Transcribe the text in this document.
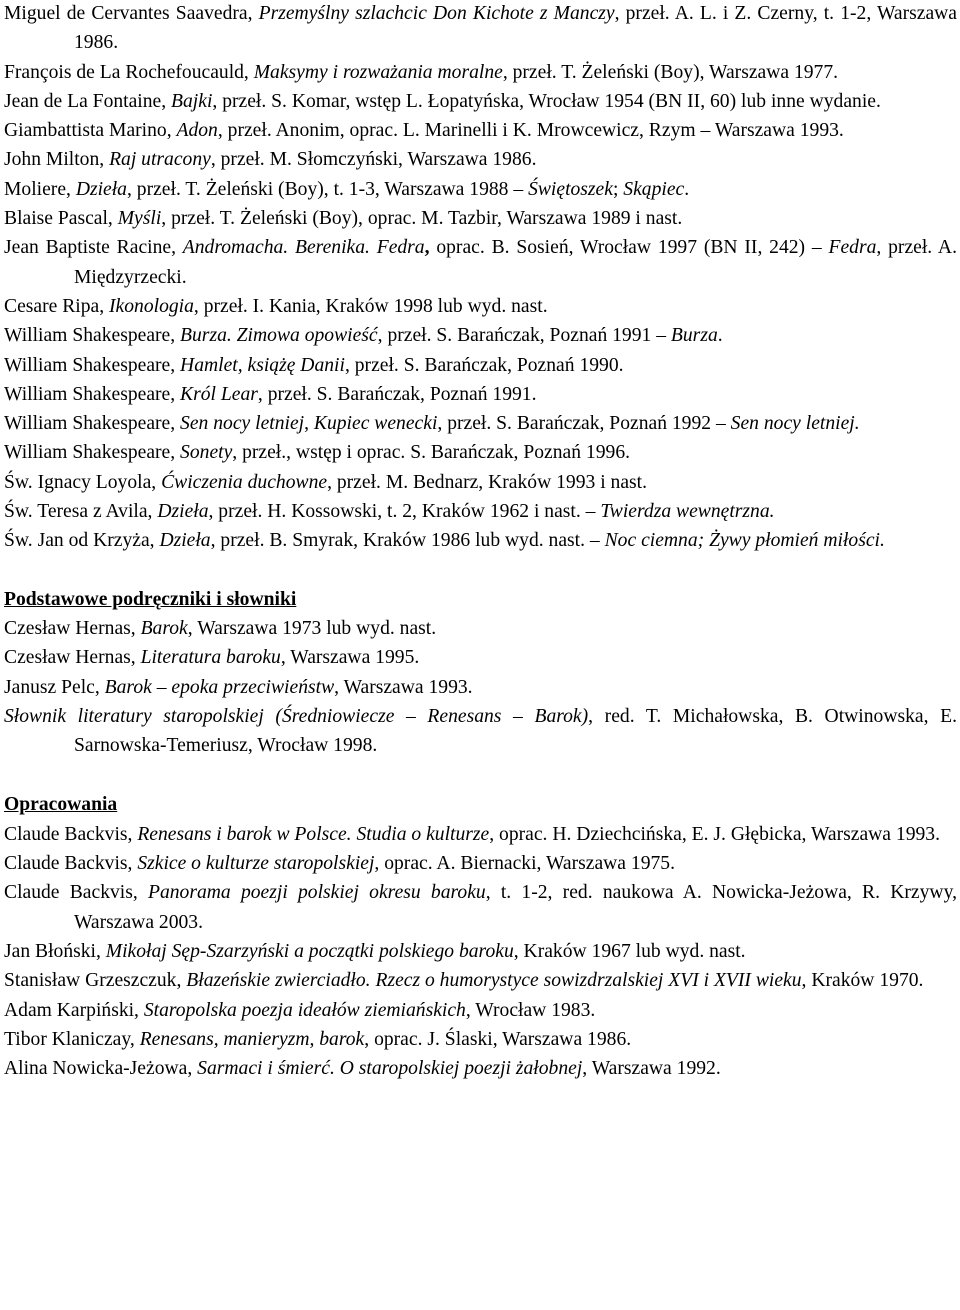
Miguel de Cervantes Saavedra, Przemyślny szlachcic Don Kichote z Manczy, przeł. A. L. i Z. Czerny, t. 1-2, Warszawa 1986.

François de La Rochefoucauld, Maksymy i rozważania moralne, przeł. T. Żeleński (Boy), Warszawa 1977.

Jean de La Fontaine, Bajki, przeł. S. Komar, wstęp L. Łopatyńska, Wrocław 1954 (BN II, 60) lub inne wydanie.

Giambattista Marino, Adon, przeł. Anonim, oprac. L. Marinelli i K. Mrowcewicz, Rzym – Warszawa 1993.

John Milton, Raj utracony, przeł. M. Słomczyński, Warszawa 1986.

Moliere, Dzieła, przeł. T. Żeleński (Boy), t. 1-3, Warszawa 1988 – Świętoszek; Skąpiec.

Blaise Pascal, Myśli, przeł. T. Żeleński (Boy), oprac. M. Tazbir, Warszawa 1989 i nast.

Jean Baptiste Racine, Andromacha. Berenika. Fedra, oprac. B. Sosień, Wrocław 1997 (BN II, 242) – Fedra, przeł. A. Międzyrzecki.

Cesare Ripa, Ikonologia, przeł. I. Kania, Kraków 1998 lub wyd. nast.

William Shakespeare, Burza. Zimowa opowieść, przeł. S. Barańczak, Poznań 1991 – Burza.

William Shakespeare, Hamlet, książę Danii, przeł. S. Barańczak, Poznań 1990.

William Shakespeare, Król Lear, przeł. S. Barańczak, Poznań 1991.

William Shakespeare, Sen nocy letniej, Kupiec wenecki, przeł. S. Barańczak, Poznań 1992 – Sen nocy letniej.

William Shakespeare, Sonety, przeł., wstęp i oprac. S. Barańczak, Poznań 1996.

Św. Ignacy Loyola, Ćwiczenia duchowne, przeł. M. Bednarz, Kraków 1993 i nast.

Św. Teresa z Avila, Dzieła, przeł. H. Kossowski, t. 2, Kraków 1962 i nast. – Twierdza wewnętrzna.

Św. Jan od Krzyża, Dzieła, przeł. B. Smyrak, Kraków 1986 lub wyd. nast. – Noc ciemna; Żywy płomień miłości.

Podstawowe podręczniki i słowniki

Czesław Hernas, Barok, Warszawa 1973 lub wyd. nast.

Czesław Hernas, Literatura baroku, Warszawa 1995.

Janusz Pelc, Barok – epoka przeciwieństw, Warszawa 1993.

Słownik literatury staropolskiej (Średniowiecze – Renesans – Barok), red. T. Michałowska, B. Otwinowska, E. Sarnowska-Temeriusz, Wrocław 1998.

Opracowania

Claude Backvis, Renesans i barok w Polsce. Studia o kulturze, oprac. H. Dziechcińska, E. J. Głębicka, Warszawa 1993.

Claude Backvis, Szkice o kulturze staropolskiej, oprac. A. Biernacki, Warszawa 1975.

Claude Backvis, Panorama poezji polskiej okresu baroku, t. 1-2, red. naukowa A. Nowicka-Jeżowa, R. Krzywy, Warszawa 2003.

Jan Błoński, Mikołaj Sęp-Szarzyński a początki polskiego baroku, Kraków 1967 lub wyd. nast.

Stanisław Grzeszczuk, Błazeńskie zwierciadło. Rzecz o humorystyce sowizdrzalskiej XVI i XVII wieku, Kraków 1970.

Adam Karpiński, Staropolska poezja ideałów ziemiańskich, Wrocław 1983.

Tibor Klaniczay, Renesans, manieryzm, barok, oprac. J. Ślaski, Warszawa 1986.

Alina Nowicka-Jeżowa, Sarmaci i śmierć. O staropolskiej poezji żałobnej, Warszawa 1992.
